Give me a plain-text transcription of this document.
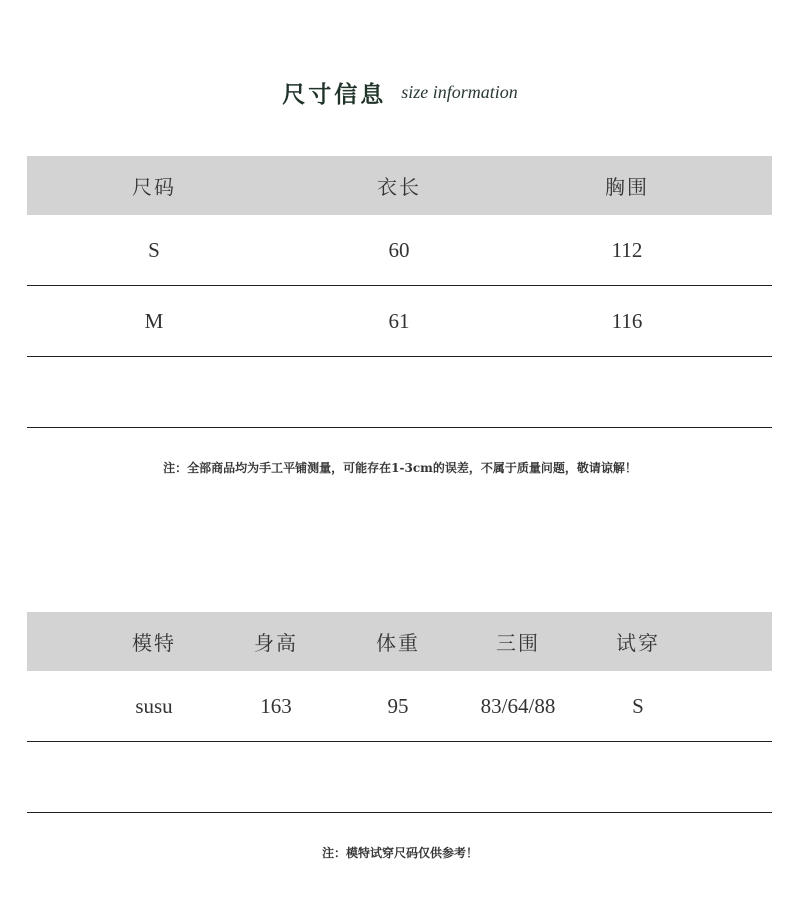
尺寸信息 size information
尺码	衣长	胸围
S	60	112
M	61	116
注：全部商品均为手工平铺测量，可能存在1-3cm的误差，不属于质量问题，敬请谅解！
模特	身高	体重	三围	试穿
susu	163	95	83/64/88	S
注：模特试穿尺码仅供参考！
